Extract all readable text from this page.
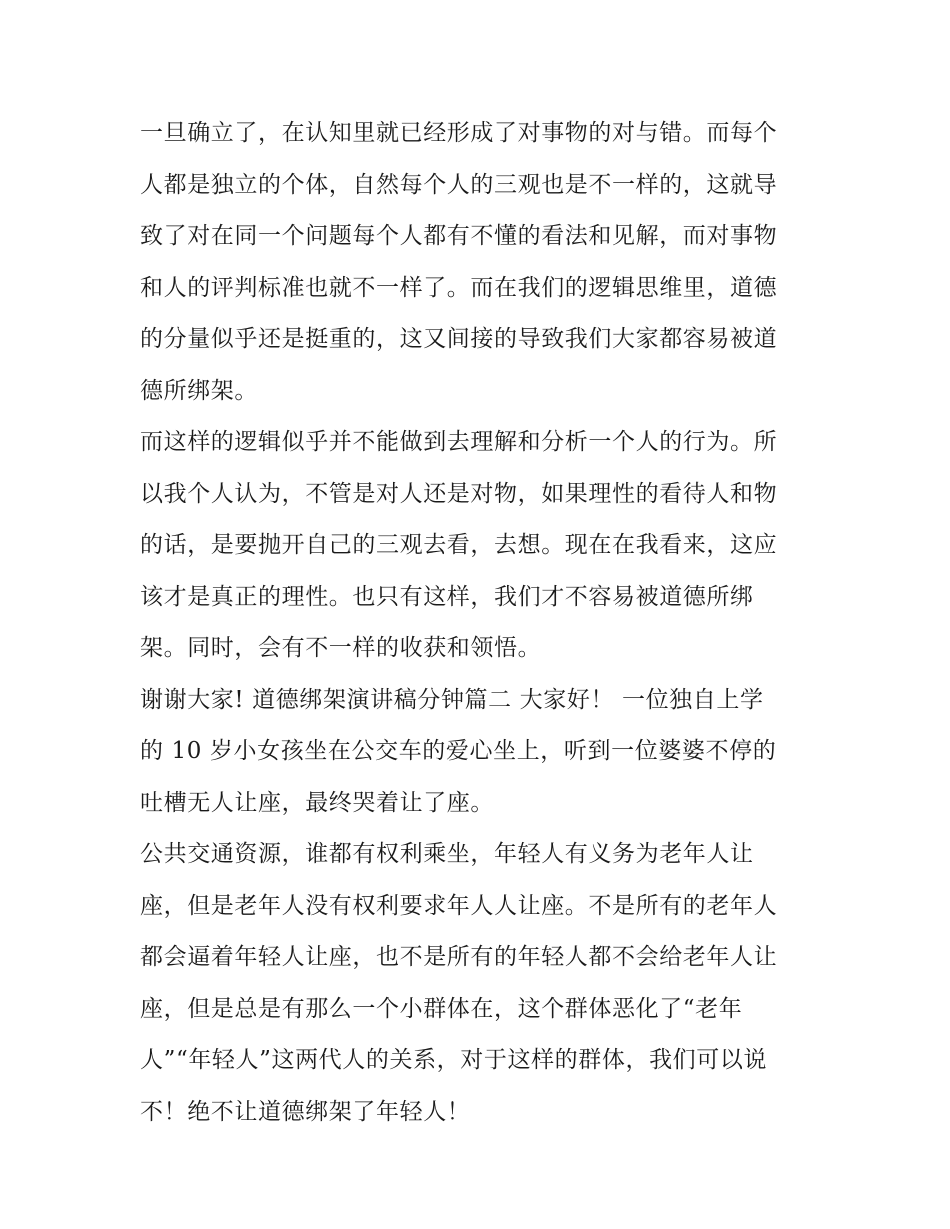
一旦确立了，在认知里就已经形成了对事物的对与错。而每个
人都是独立的个体，自然每个人的三观也是不一样的，这就导
致了对在同一个问题每个人都有不懂的看法和见解，而对事物
和人的评判标准也就不一样了。而在我们的逻辑思维里，道德
的分量似乎还是挺重的，这又间接的导致我们大家都容易被道
德所绑架。
而这样的逻辑似乎并不能做到去理解和分析一个人的行为。所
以我个人认为，不管是对人还是对物，如果理性的看待人和物
的话，是要抛开自己的三观去看，去想。现在在我看来，这应
该才是真正的理性。也只有这样，我们才不容易被道德所绑
架。同时，会有不一样的收获和领悟。
谢谢大家! 道德绑架演讲稿分钟篇二 大家好！ 一位独自上学
的 10 岁小女孩坐在公交车的爱心坐上，听到一位婆婆不停的
吐槽无人让座，最终哭着让了座。
公共交通资源，谁都有权利乘坐，年轻人有义务为老年人让
座，但是老年人没有权利要求年人人让座。不是所有的老年人
都会逼着年轻人让座，也不是所有的年轻人都不会给老年人让
座，但是总是有那么一个小群体在，这个群体恶化了“老年
人”“年轻人”这两代人的关系，对于这样的群体，我们可以说
不！绝不让道德绑架了年轻人！
